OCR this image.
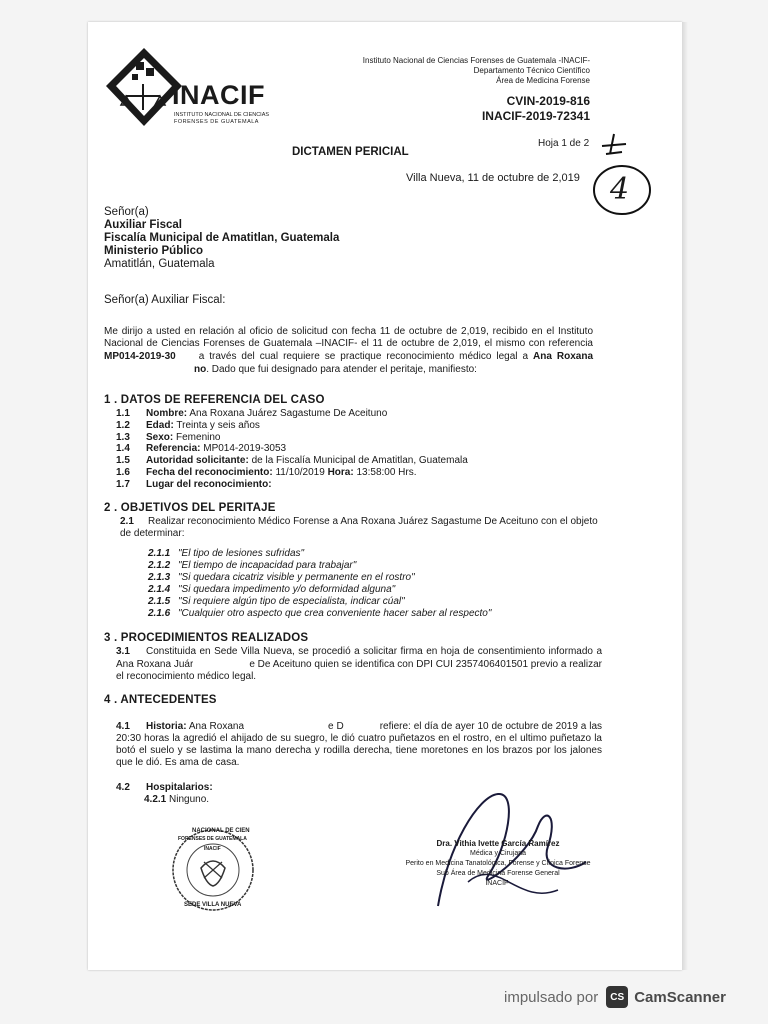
INACIF
INSTITUTO NACIONAL DE CIENCIAS
FORENSES DE GUATEMALA
Instituto Nacional de Ciencias Forenses de Guatemala -INACIF-
Departamento Técnico Científico
Área de Medicina Forense
CVIN-2019-816
INACIF-2019-72341
Hoja 1 de 2
DICTAMEN PERICIAL
Villa Nueva, 11 de octubre de 2,019 4
Señor(a)
Auxiliar Fiscal
Fiscalía Municipal de Amatitlan, Guatemala
Ministerio Público
Amatitlán, Guatemala
Señor(a) Auxiliar Fiscal:
Me dirijo a usted en relación al oficio de solicitud con fecha 11 de octubre de 2,019, recibido en el Instituto Nacional de Ciencias Forenses de Guatemala –INACIF- el 11 de octubre de 2,019, el mismo con referencia MP014-2019-30 a través del cual requiere se practique reconocimiento médico legal a Ana Roxanano. Dado que fui designado para atender el peritaje, manifiesto:
1 . DATOS DE REFERENCIA DEL CASO
1.1 Nombre: Ana Roxana Juárez Sagastume De Aceituno
1.2 Edad: Treinta y seis años
1.3 Sexo: Femenino
1.4 Referencia: MP014-2019-3053
1.5 Autoridad solicitante: de la Fiscalía Municipal de Amatitlan, Guatemala
1.6 Fecha del reconocimiento: 11/10/2019 Hora: 13:58:00 Hrs.
1.7 Lugar del reconocimiento:
2 . OBJETIVOS DEL PERITAJE
2.1 Realizar reconocimiento Médico Forense a Ana Roxana Juárez Sagastume De Aceituno con el objeto de determinar:
2.1.1 "El tipo de lesiones sufridas"
2.1.2 "El tiempo de incapacidad para trabajar"
2.1.3 "Si quedara cicatriz visible y permanente en el rostro"
2.1.4 "Si quedara impedimento y/o deformidad alguna"
2.1.5 "Si requiere algún tipo de especialista, indicar cúal"
2.1.6 "Cualquier otro aspecto que crea conveniente hacer saber al respecto"
3 . PROCEDIMIENTOS REALIZADOS
3.1 Constituida en Sede Villa Nueva, se procedió a solicitar firma en hoja de consentimiento informado a Ana Roxana Juár	e De Aceituno quien se identifica con DPI CUI 2357406401501 previo a realizar el reconocimiento médico legal.
4 . ANTECEDENTES
4.1 Historia: Ana Roxana	e D	refiere: el día de ayer 10 de octubre de 2019 a las 20:30 horas la agredió el ahijado de su suegro, le dió cuatro puñetazos en el rostro, en el ultimo puñetazo la botó el suelo y se lastima la mano derecha y rodilla derecha, tiene moretones en los brazos por los jalones que le dió. Es ama de casa.
4.2 Hospitalarios:
4.2.1 Ninguno.
NACIONAL DE CIEN
FORENSES DE GUATEMALA
INACIF
SEDE VILLA NUEVA
Dra. Vithia Ivette García Ramírez
Médica y Cirujana
Perito en Medicina Tanatológica, Forense y Clínica Forense
Sub Área de Medicina Forense General
INACIF-
impulsado por	CS CamScanner
